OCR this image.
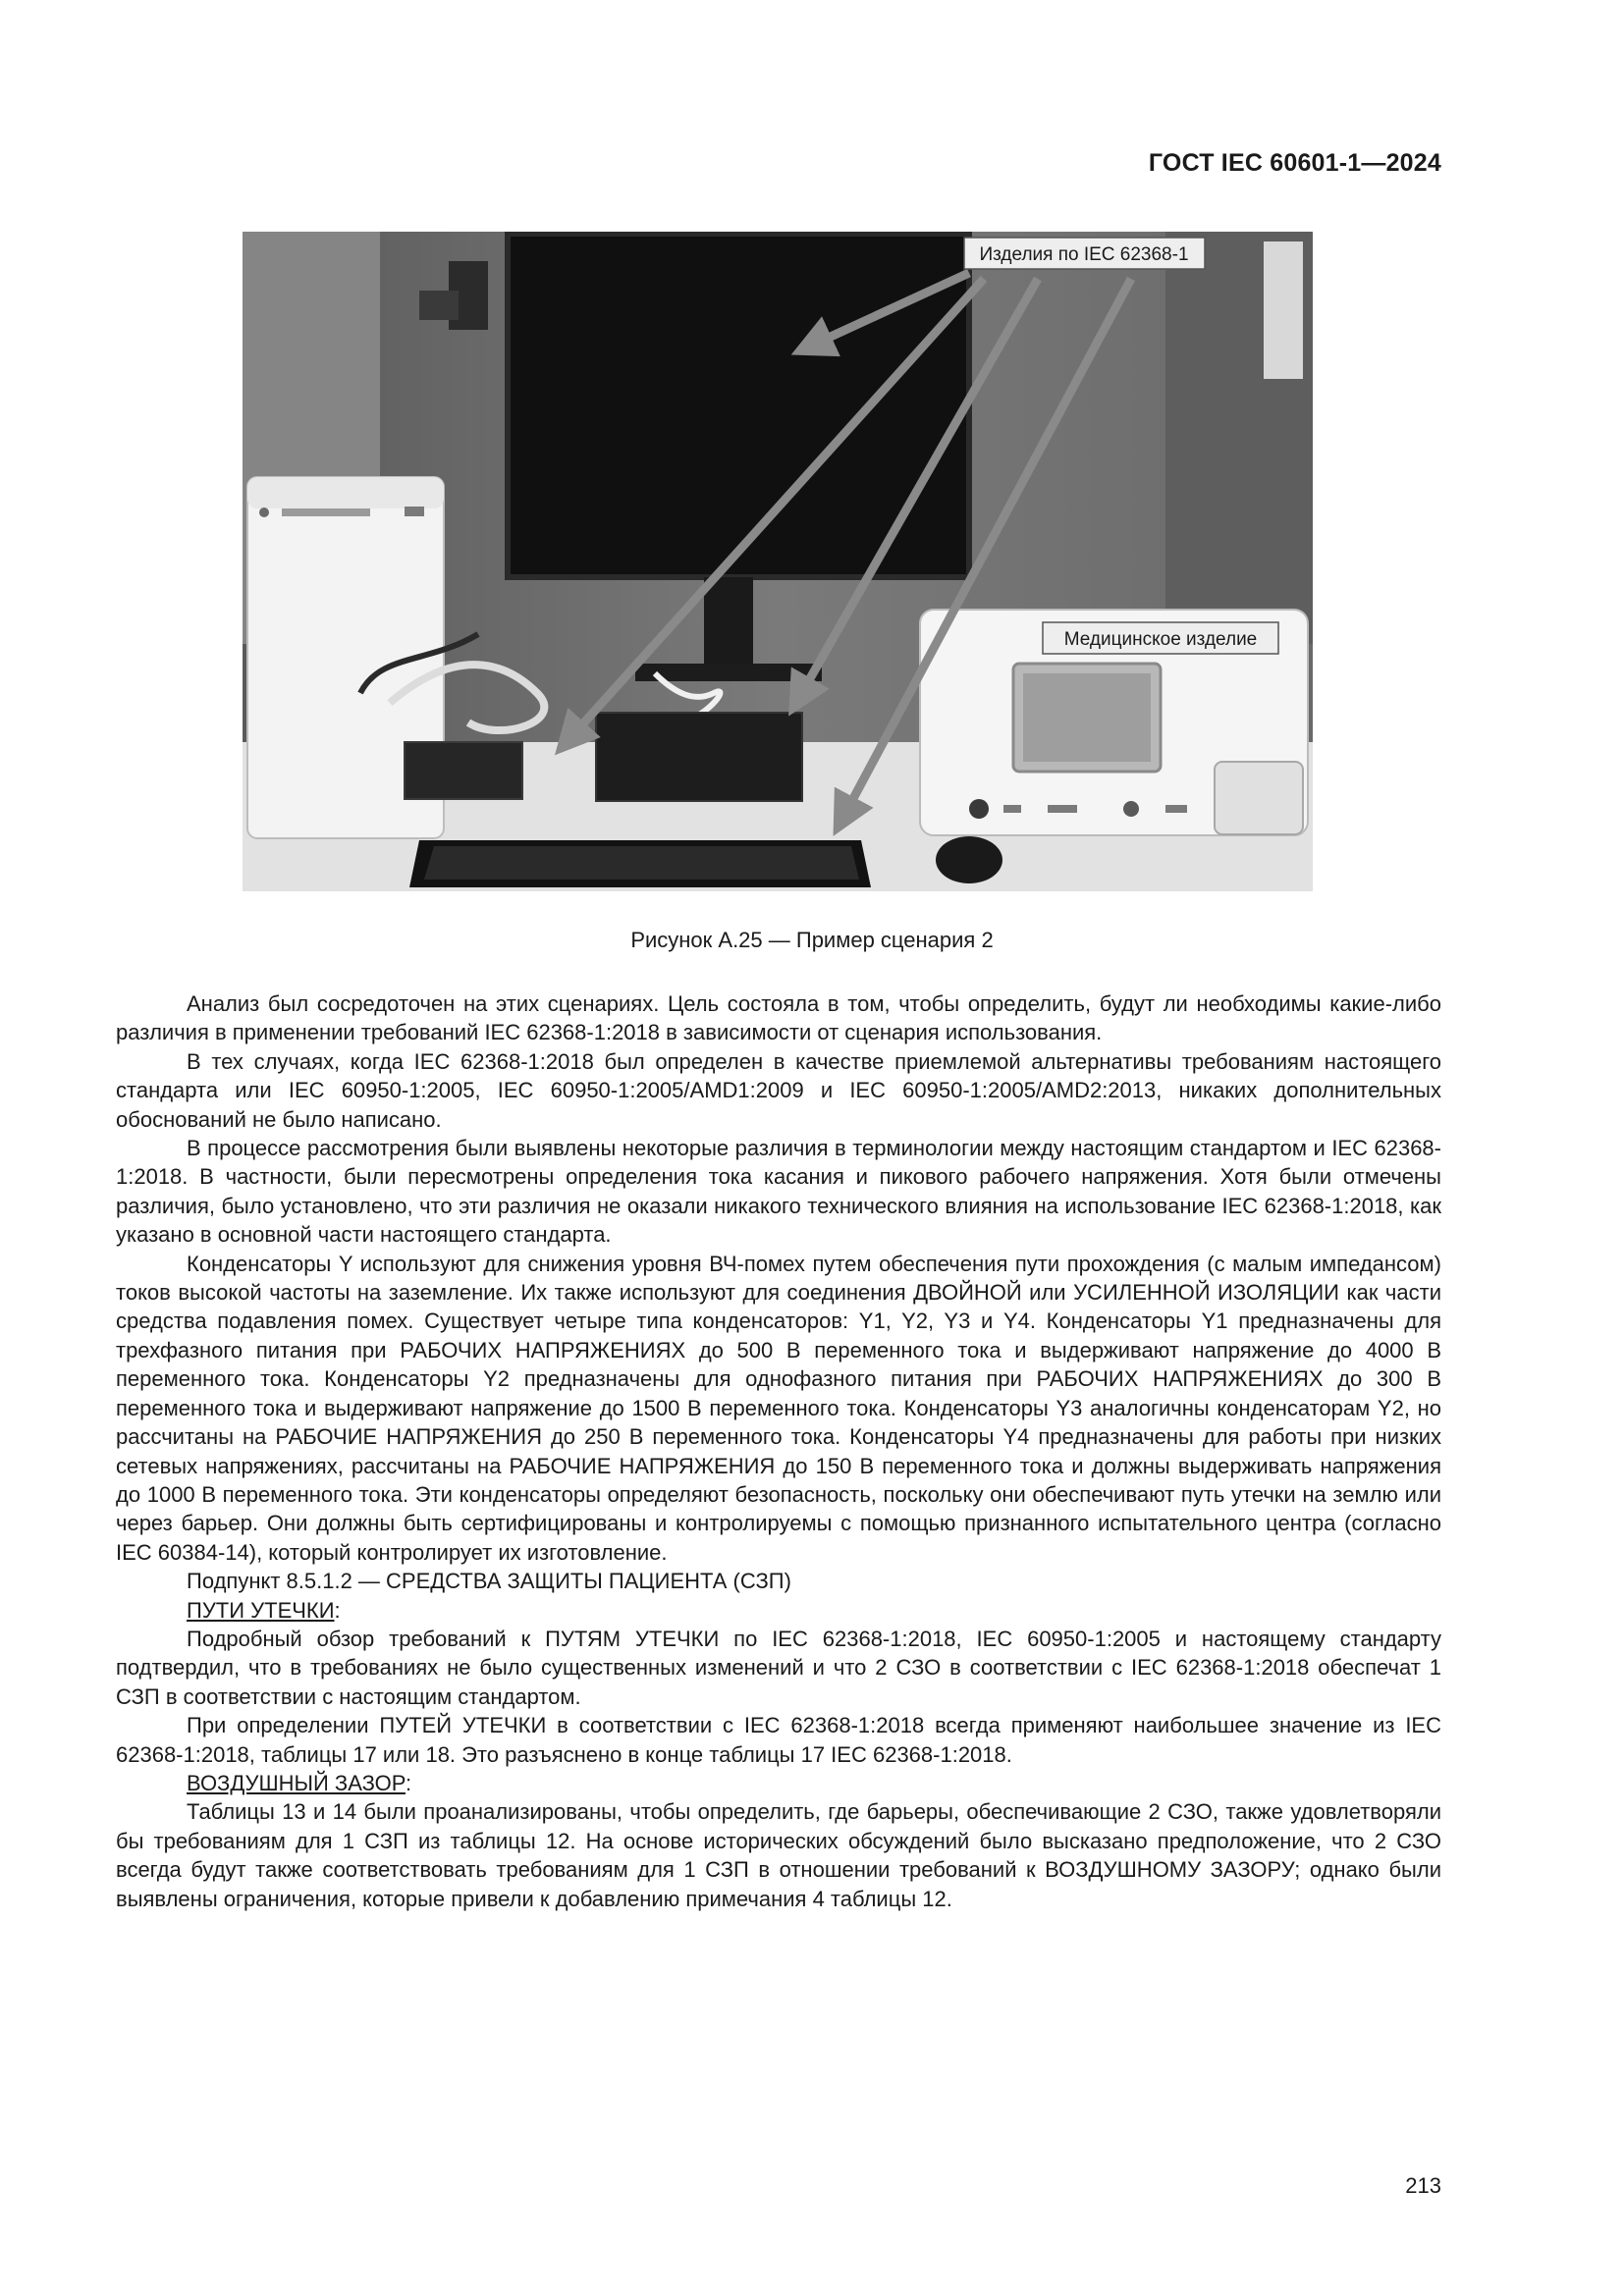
ГОСТ IEC 60601-1—2024
Изделия по IEC 62368-1
Медицинское изделие
Рисунок А.25 — Пример сценария 2

Анализ был сосредоточен на этих сценариях. Цель состояла в том, чтобы определить, будут ли необходимы какие-либо различия в применении требований IEC 62368-1:2018 в зависимости от сценария использования.

В тех случаях, когда IEC 62368-1:2018 был определен в качестве приемлемой альтернативы требованиям настоящего стандарта или IEC 60950-1:2005, IEC 60950-1:2005/AMD1:2009 и IEC 60950-1:2005/AMD2:2013, никаких дополнительных обоснований не было написано.

В процессе рассмотрения были выявлены некоторые различия в терминологии между настоящим стандартом и IEC 62368-1:2018. В частности, были пересмотрены определения тока касания и пикового рабочего напряжения. Хотя были отмечены различия, было установлено, что эти различия не оказали никакого технического влияния на использование IEC 62368-1:2018, как указано в основной части настоящего стандарта.

Конденсаторы Y используют для снижения уровня ВЧ-помех путем обеспечения пути прохождения (с малым импедансом) токов высокой частоты на заземление. Их также используют для соединения ДВОЙНОЙ или УСИЛЕННОЙ ИЗОЛЯЦИИ как части средства подавления помех. Существует четыре типа конденсаторов: Y1, Y2, Y3 и Y4. Конденсаторы Y1 предназначены для трехфазного питания при РАБОЧИХ НАПРЯЖЕНИЯХ до 500 В переменного тока и выдерживают напряжение до 4000 В переменного тока. Конденсаторы Y2 предназначены для однофазного питания при РАБОЧИХ НАПРЯЖЕНИЯХ до 300 В переменного тока и выдерживают напряжение до 1500 В переменного тока. Конденсаторы Y3 аналогичны конденсаторам Y2, но рассчитаны на РАБОЧИЕ НАПРЯЖЕНИЯ до 250 В переменного тока. Конденсаторы Y4 предназначены для работы при низких сетевых напряжениях, рассчитаны на РАБОЧИЕ НАПРЯЖЕНИЯ до 150 В переменного тока и должны выдерживать напряжения до 1000 В переменного тока. Эти конденсаторы определяют безопасность, поскольку они обеспечивают путь утечки на землю или через барьер. Они должны быть сертифицированы и контролируемы с помощью признанного испытательного центра (согласно IEC 60384-14), который контролирует их изготовление.

Подпункт 8.5.1.2 — СРЕДСТВА ЗАЩИТЫ ПАЦИЕНТА (СЗП)

ПУТИ УТЕЧКИ:

Подробный обзор требований к ПУТЯМ УТЕЧКИ по IEC 62368-1:2018, IEC 60950-1:2005 и настоящему стандарту подтвердил, что в требованиях не было существенных изменений и что 2 СЗО в соответствии с IEC 62368-1:2018 обеспечат 1 СЗП в соответствии с настоящим стандартом.

При определении ПУТЕЙ УТЕЧКИ в соответствии с IEC 62368-1:2018 всегда применяют наибольшее значение из IEC 62368-1:2018, таблицы 17 или 18. Это разъяснено в конце таблицы 17 IEC 62368-1:2018.

ВОЗДУШНЫЙ ЗАЗОР:

Таблицы 13 и 14 были проанализированы, чтобы определить, где барьеры, обеспечивающие 2 СЗО, также удовлетворяли бы требованиям для 1 СЗП из таблицы 12. На основе исторических обсуждений было высказано предположение, что 2 СЗО всегда будут также соответствовать требованиям для 1 СЗП в отношении требований к ВОЗДУШНОМУ ЗАЗОРУ; однако были выявлены ограничения, которые привели к добавлению примечания 4 таблицы 12.

213
